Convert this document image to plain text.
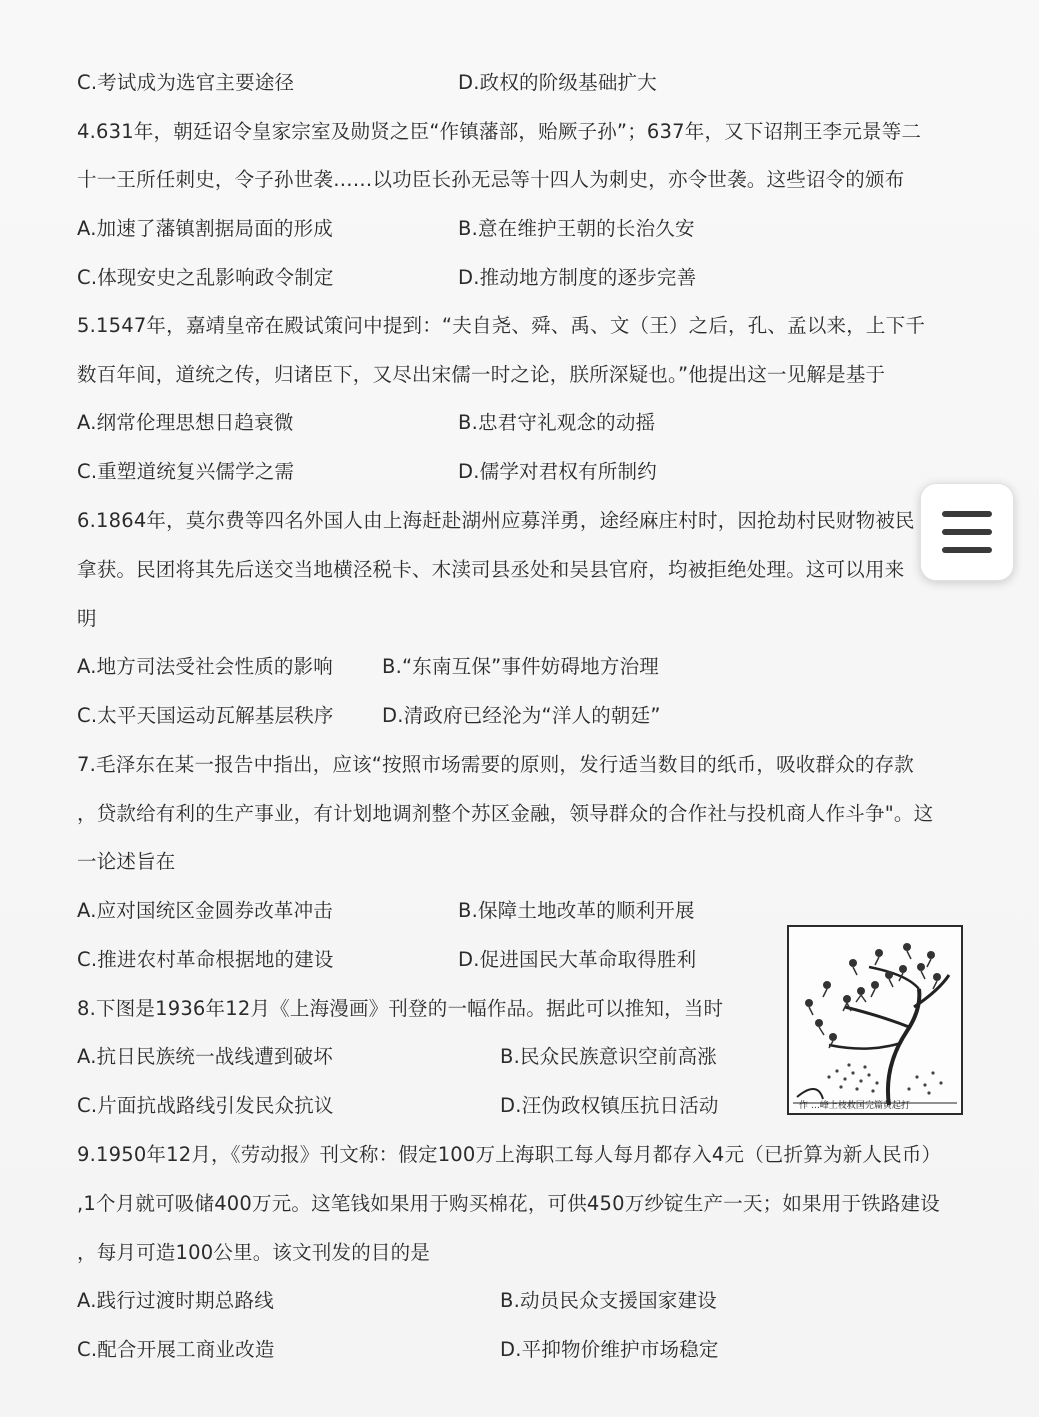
C.考试成为选官主要途径	D.政权的阶级基础扩大
4.631年，朝廷诏令皇家宗室及勋贤之臣“作镇藩部，贻厥子孙”；637年，又下诏荆王李元景等二
十一王所任刺史，令子孙世袭……以功臣长孙无忌等十四人为刺史，亦令世袭。这些诏令的颁布
A.加速了藩镇割据局面的形成	B.意在维护王朝的长治久安
C.体现安史之乱影响政令制定	D.推动地方制度的逐步完善
5.1547年，嘉靖皇帝在殿试策问中提到：“夫自尧、舜、禹、文（王）之后，孔、孟以来，上下千
数百年间，道统之传，归诸臣下，又尽出宋儒一时之论，朕所深疑也。”他提出这一见解是基于
A.纲常伦理思想日趋衰微	B.忠君守礼观念的动摇
C.重塑道统复兴儒学之需	D.儒学对君权有所制约
6.1864年，莫尔费等四名外国人由上海赶赴湖州应募洋勇，途经麻庄村时，因抢劫村民财物被民
拿获。民团将其先后送交当地横泾税卡、木渎司县丞处和吴县官府，均被拒绝处理。这可以用来
明
A.地方司法受社会性质的影响	B.“东南互保”事件妨碍地方治理
C.太平天国运动瓦解基层秩序 D.清政府已经沦为“洋人的朝廷”
7.毛泽东在某一报告中指出，应该“按照市场需要的原则，发行适当数目的纸币，吸收群众的存款
，贷款给有利的生产事业，有计划地调剂整个苏区金融，领导群众的合作社与投机商人作斗争"。这
一论述旨在
A.应对国统区金圆券改革冲击	B.保障土地改革的顺利开展
C.推进农村革命根据地的建设	D.促进国民大革命取得胜利
8.下图是1936年12月《上海漫画》刊登的一幅作品。据此可以推知，当时
A.抗日民族统一战线遭到破坏	B.民众民族意识空前高涨
C.片面抗战路线引发民众抗议	D.汪伪政权镇压抗日活动
9.1950年12月，《劳动报》刊文称：假定100万上海职工每人每月都存入4元（已折算为新人民币）
,1个月就可吸储400万元。这笔钱如果用于购买棉花，可供450万纱锭生产一天；如果用于铁路建设
，每月可造100公里。该文刊发的目的是
A.践行过渡时期总路线	B.动员民众支援国家建设
C.配合开展工商业改造	D.平抑物价维护市场稳定
作 …峰上枝救国完篇黄起打
